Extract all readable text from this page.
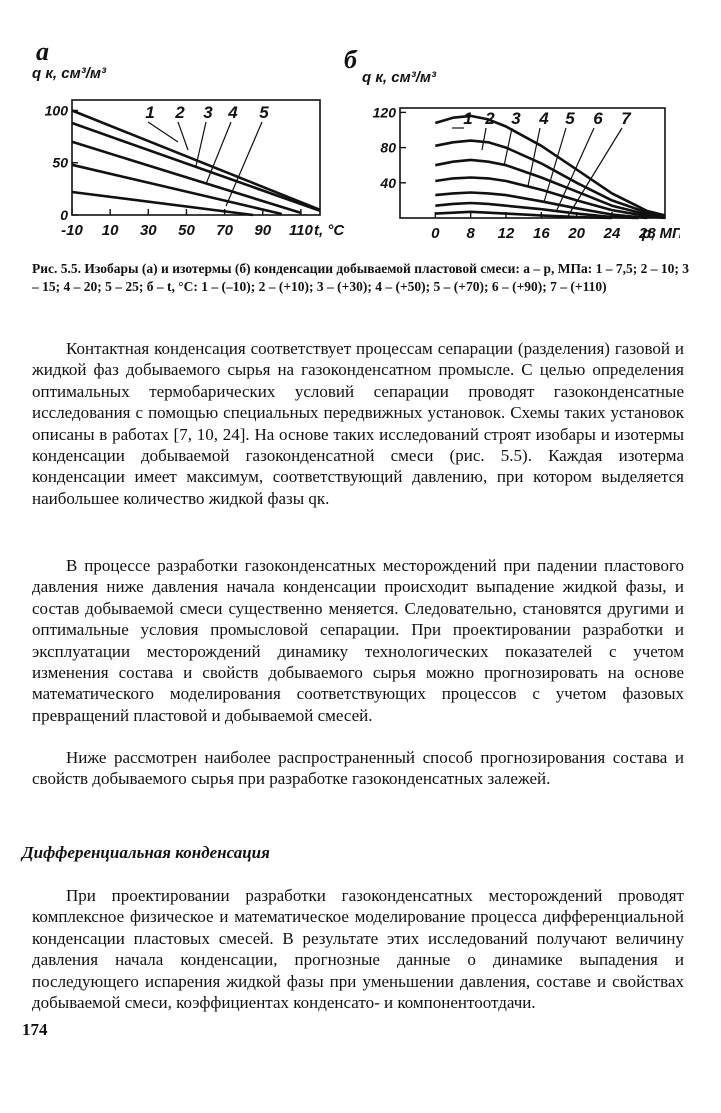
а
q к, см³/м³
0
50
100
-10 10 30 50 70 90 110 t, °C
1 2 3 4 5
б
q к, см³/м³
40
80
120
0 8 12 16 20 24 28
p, М
1 2 3 4 5 6 7
Рис. 5.5. Изобары (а) и изотермы (б) конденсации добываемой пластовой смеси: а – р, МПа: 1 – 7,5; 2 – 10; 3 – 15; 4 – 20; 5 – 25; б – t, °С: 1 – (–10); 2 – (+10); 3 – (+30); 4 – (+50); 5 – (+70); 6 – (+90); 7 – (+110)

Контактная конденсация соответствует процессам сепарации (разделения) газовой и жидкой фаз добываемого сырья на газоконденсатном промысле. С целью определения оптимальных термобарических условий сепарации проводят газоконденсатные исследования с помощью специальных передвижных установок. Схемы таких установок описаны в работах [7, 10, 24]. На основе таких исследований строят изобары и изотермы конденсации добываемой газоконденсатной смеси (рис. 5.5). Каждая изотерма конденсации имеет максимум, соответствующий давлению, при котором выделяется наибольшее количество жидкой фазы qк.

В процессе разработки газоконденсатных месторождений при падении пластового давления ниже давления начала конденсации происходит выпадение жидкой фазы, и состав добываемой смеси существенно меняется. Следовательно, становятся другими и оптимальные условия промысловой сепарации. При проектировании разработки и эксплуатации месторождений динамику технологических показателей с учетом изменения состава и свойств добываемого сырья можно прогнозировать на основе математического моделирования соответствующих процессов с учетом фазовых превращений пластовой и добываемой смесей.

Ниже рассмотрен наиболее распространенный способ прогнозирования состава и свойств добываемого сырья при разработке газоконденсатных залежей.

Дифференциальная конденсация

При проектировании разработки газоконденсатных месторождений проводят комплексное физическое и математическое моделирование процесса дифференциальной конденсации пластовых смесей. В результате этих исследований получают величину давления начала конденсации, прогнозные данные о динамике выпадения и последующего испарения жидкой фазы при уменьшении давления, составе и свойствах добываемой смеси, коэффициентах конденсато- и компонентоотдачи.

174
